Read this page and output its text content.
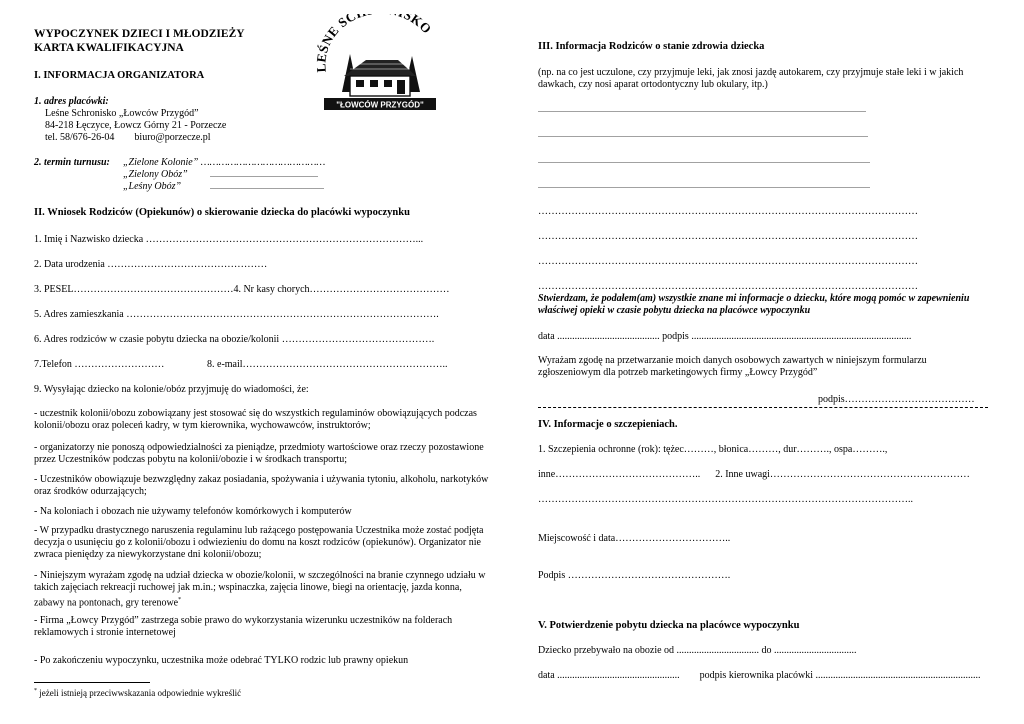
WYPOCZYNEK DZIECI I MŁODZIEŻY
KARTA KWALIFIKACYJNA
I. INFORMACJA ORGANIZATORA
1. adres placówki:
Leśne Schronisko „Łowców Przygód”
84-218 Łęczyce, Łowcz Górny 21 - Porzecze
tel. 58/676-26-04        biuro@porzecze.pl
2. termin turnusu: „Zielone Kolonie” ……………………………………
„Zielony Obóz”	......................................................
„Leśny Obóz”	.........................................................
II. Wniosek Rodziców (Opiekunów) o skierowanie dziecka do placówki wypoczynku
1. Imię i Nazwisko dziecka ………………………………………………………………………...
2. Data urodzenia …………………………………………
3. PESEL…………………………………………4. Nr kasy chorych……………………………………
5. Adres zamieszkania ………………………………………………………………………………….
6. Adres rodziców w czasie pobytu dziecka na obozie/kolonii ……………………………………….
7.Telefon ………………………	8. e-mail……………………………………………………..
9. Wysyłając dziecko na kolonie/obóz przyjmuję do wiadomości, że:
- uczestnik kolonii/obozu zobowiązany jest stosować się do wszystkich regulaminów obowiązujących podczas kolonii/obozu oraz poleceń kadry, w tym kierownika, wychowawców, instruktorów;
- organizatorzy nie ponoszą odpowiedzialności za pieniądze, przedmioty wartościowe oraz rzeczy pozostawione przez Uczestników podczas pobytu na kolonii/obozie i w środkach transportu;
- Uczestników obowiązuje bezwzględny zakaz posiadania, spożywania i używania tytoniu, alkoholu, narkotyków oraz środków odurzających;
- Na koloniach i obozach nie używamy telefonów komórkowych i komputerów
- W przypadku drastycznego naruszenia regulaminu lub rażącego postępowania Uczestnika może zostać podjęta decyzja o usunięciu go z kolonii/obozu i odwiezieniu do domu na koszt rodziców (opiekunów). Organizator nie zwraca pieniędzy za niewykorzystane dni kolonii/obozu;
- Niniejszym wyrażam zgodę na udział dziecka w obozie/kolonii, w szczególności na branie czynnego udziału w takich zajęciach rekreacji ruchowej jak m.in.; wspinaczka, zajęcia linowe, biegi na orientację, jazda konna, zabawy na pontonach, gry terenowe*
- Firma „Łowcy Przygód” zastrzega sobie prawo do wykorzystania wizerunku uczestników na folderach reklamowych i stronie internetowej
- Po zakończeniu wypoczynku, uczestnika może odebrać TYLKO rodzic lub prawny opiekun
* jeżeli istnieją przeciwwskazania odpowiednie wykreślić
LEŚNE SC SKO
"ŁOWCÓW PRZYGÓD"
III. Informacja Rodziców o stanie zdrowia dziecka
(np. na co jest uczulone, czy przyjmuje leki, jak znosi jazdę autokarem, czy przyjmuje stałe leki i w jakich dawkach, czy nosi aparat ortodontyczny lub okulary, itp.)
....................................................................................................................................................................
.....................................................................................................................................................................
......................................................................................................................................................................
......................................................................................................................................................................
……………………………………………………………………………………………………
……………………………………………………………………………………………………
……………………………………………………………………………………………………
……………………………………………………………………………………………………
Stwierdzam, że podałem(am) wszystkie znane mi informacje o dziecku, które mogą pomóc w zapewnieniu właściwej opieki w czasie pobytu dziecka na placówce wypoczynku
data ......................................... podpis ........................................................................................
Wyrażam zgodę na przetwarzanie moich danych osobowych zawartych w niniejszym formularzu zgłoszeniowym dla potrzeb marketingowych firmy „Łowcy Przygód”
podpis…………………………………
IV. Informacje o szczepieniach.
1. Szczepienia ochronne (rok): tężec………, błonica………, dur………., ospa……….,
inne……………………………………..      2. Inne uwagi……………………………………………………
…………………………………………………………………………………………………..
Miejscowość i data……………………………..
Podpis ………………………………………….
V. Potwierdzenie pobytu dziecka na placówce wypoczynku
Dziecko przebywało na obozie od ................................. do .................................
data .................................................        podpis kierownika placówki ..................................................................
